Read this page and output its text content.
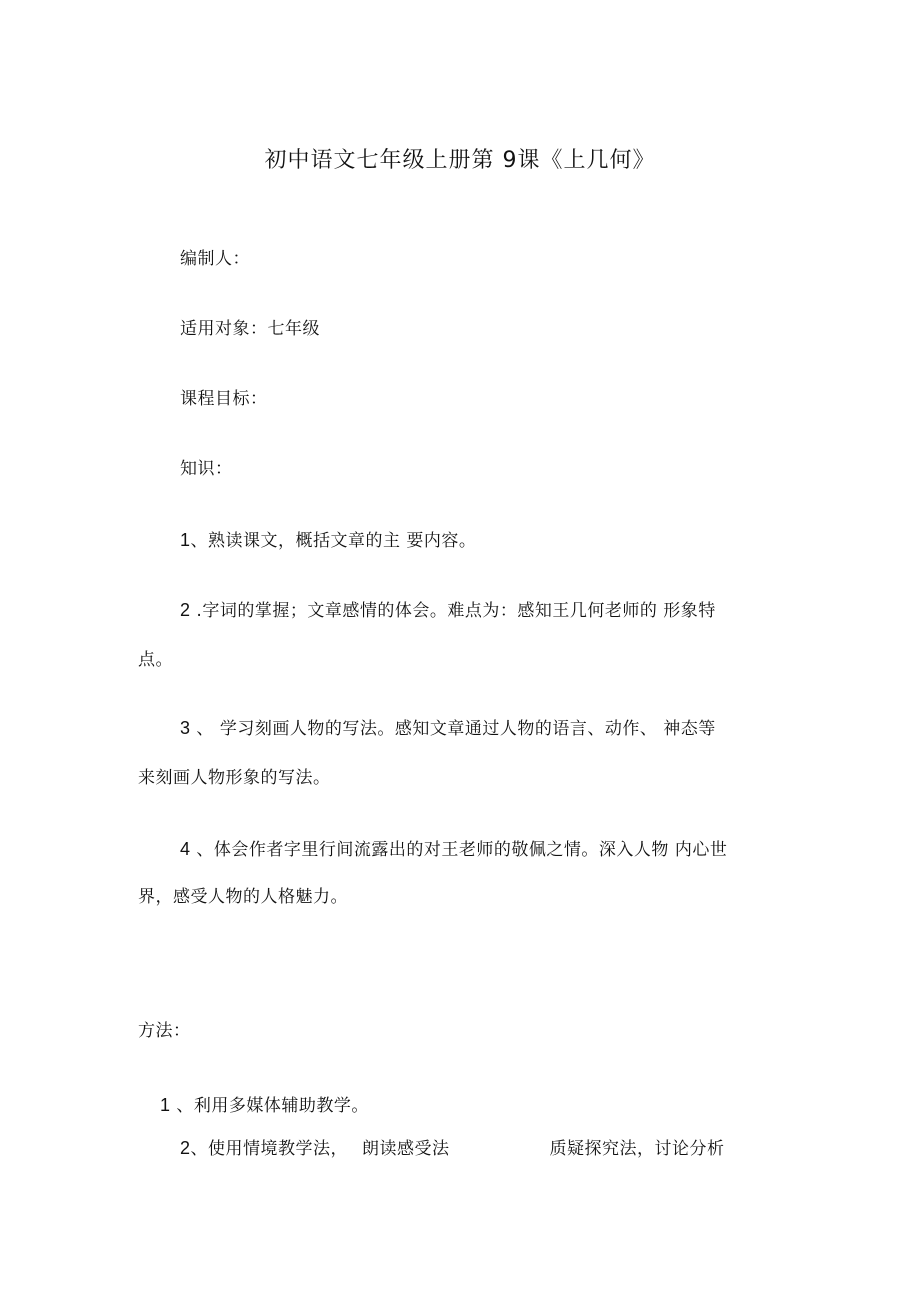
初中语文七年级上册第 9课《上几何》
编制人：
适用对象：七年级
课程目标：
知识：
1、熟读课文，概括文章的主 要内容。
2 .字词的掌握；文章感情的体会。难点为：感知王几何老师的 形象特
点。
3 、 学习刻画人物的写法。感知文章通过人物的语言、动作、 神态等
来刻画人物形象的写法。
4 、体会作者字里行间流露出的对王老师的敬佩之情。深入人物 内心世
界，感受人物的人格魅力。
方法：
1 、利用多媒体辅助教学。
2、使用情境教学法， 朗读感受法	质疑探究法，讨论分析
